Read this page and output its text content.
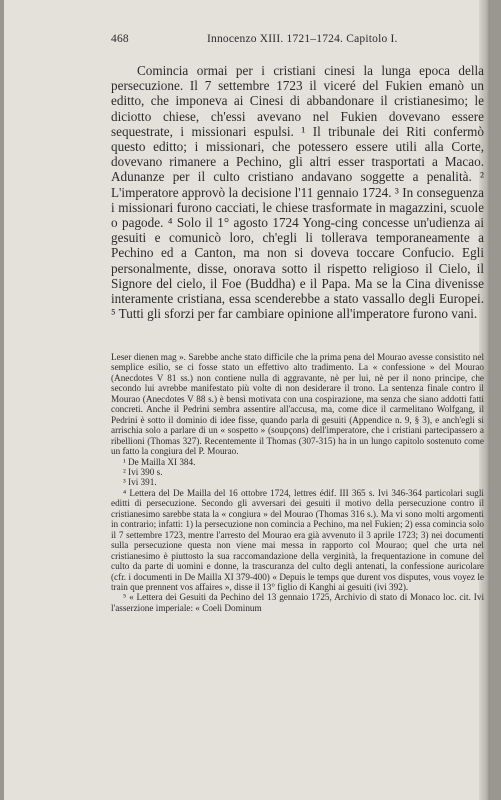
468	Innocenzo XIII. 1721–1724. Capitolo I.

Cominciа ormai per i cristiani cinesi la lunga epoca della persecuzione. Il 7 settembre 1723 il viceré del Fukien emanò un editto, che imponeva ai Cinesi di abbandonare il cristianesimo; le diciotto chiese, ch'essi avevano nel Fukien dovevano essere sequestrate, i missionari espulsi. ¹ Il tribunale dei Riti confermò questo editto; i missionari, che potessero essere utili alla Corte, dovevano rimanere a Pechino, gli altri esser trasportati a Macao. Adunanze per il culto cristiano andavano soggette a penalità. ² L'imperatore approvò la decisione l'11 gennaio 1724. ³ In conseguenza i missionari furono cacciati, le chiese trasformate in magazzini, scuole o pagode. ⁴ Solo il 1° agosto 1724 Yong-cing concesse un'udienza ai gesuiti e comunicò loro, ch'egli li tollerava temporaneamente a Pechino ed a Canton, ma non si doveva toccare Confucio. Egli personalmente, disse, onorava sotto il rispetto religioso il Cielo, il Signore del cielo, il Foe (Buddha) e il Papa. Ma se la Cina divenisse interamente cristiana, essa scenderebbe a stato vassallo degli Europei. ⁵ Tutti gli sforzi per far cambiare opinione all'imperatore furono vani.

Leser dienen mag ». Sarebbe anche stato difficile che la prima pena del Mourao avesse consistito nel semplice esilio, se ci fosse stato un effettivo alto tradimento. La « confessione » del Mourao (Anecdotes V 81 ss.) non contiene nulla di aggravante, nè per lui, nè per il nono principe, che secondo lui avrebbe manifestato più volte di non desiderare il trono. La sentenza finale contro il Mourao (Anecdotes V 88 s.) è bensì motivata con una cospirazione, ma senza che siano addotti fatti concreti. Anche il Pedrini sembra assentire all'accusa, ma, come dice il carmelitano Wolfgang, il Pedrini è sotto il dominio di idee fisse, quando parla di gesuiti (Appendice n. 9, § 3), e anch'egli si arrischia solo a parlare di un « sospetto » (soupçons) dell'imperatore, che i cristiani partecipassero a ribellioni (Thomas 327). Recentemente il Thomas (307-315) ha in un lungo capitolo sostenuto come un fatto la congiura del P. Mourao.

¹ De Mailla XI 384.

² Ivi 390 s.

³ Ivi 391.

⁴ Lettera del De Mailla del 16 ottobre 1724, lettres édif. III 365 s. Ivi 346-364 particolari sugli editti di persecuzione. Secondo gli avversari dei gesuiti il motivo della persecuzione contro il cristianesimo sarebbe stata la « congiura » del Mourao (Thomas 316 s.). Ma vi sono molti argomenti in contrario; infatti: 1) la persecuzione non comincia a Pechino, ma nel Fukien; 2) essa comincia solo il 7 settembre 1723, mentre l'arresto del Mourao era già avvenuto il 3 aprile 1723; 3) nei documenti sulla persecuzione questa non viene mai messa in rapporto col Mourao; quel che urta nel cristianesimo è piuttosto la sua raccomandazione della verginità, la frequentazione in comune del culto da parte di uomini e donne, la trascuranza del culto degli antenati, la confessione auricolare (cfr. i documenti in De Mailla XI 379-400) « Depuis le temps que durent vos disputes, vous voyez le train que prennent vos affaires », disse il 13° figlio di Kanghi ai gesuiti (ivi 392).

⁵ « Lettera dei Gesuiti da Pechino del 13 gennaio 1725, Archivio di stato di Monaco loc. cit. Ivi l'asserzione imperiale: « Coeli Dominum
